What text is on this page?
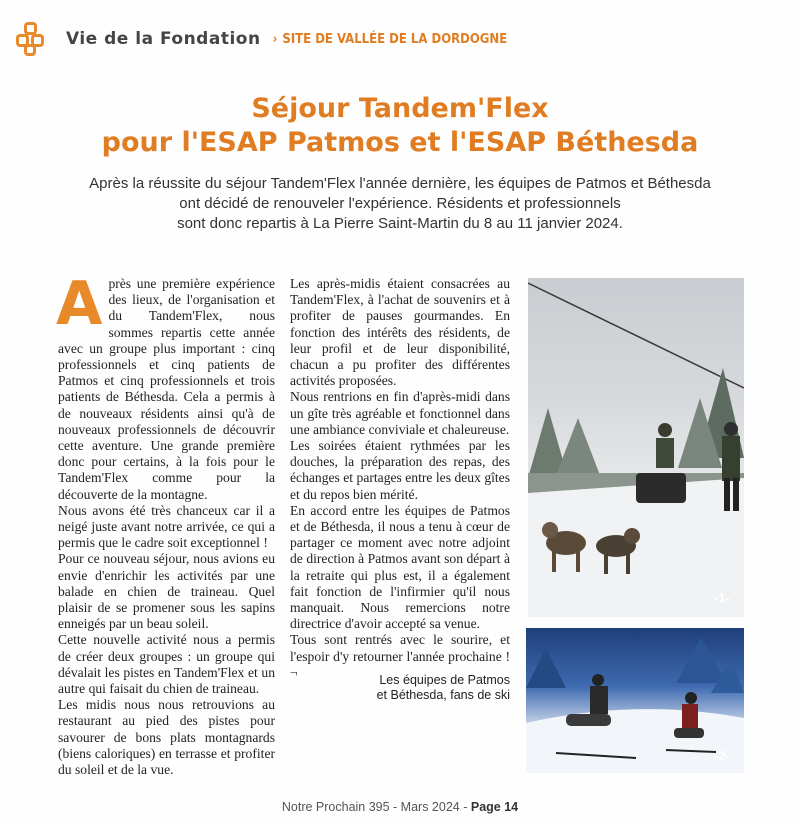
Vie de la Fondation › SITE DE VALLÉE DE LA DORDOGNE
Séjour Tandem'Flex
pour l'ESAP Patmos et l'ESAP Béthesda
Après la réussite du séjour Tandem'Flex l'année dernière, les équipes de Patmos et Béthesda
ont décidé de renouveler l'expérience. Résidents et professionnels
sont donc repartis à La Pierre Saint-Martin du 8 au 11 janvier 2024.

Après une première expérience des lieux, de l'organisation et du Tandem'Flex, nous sommes repartis cette année avec un groupe plus important : cinq professionnels et cinq patients de Patmos et cinq professionnels et trois patients de Béthesda. Cela a permis à de nouveaux résidents ainsi qu'à de nouveaux professionnels de découvrir cette aventure. Une grande première donc pour certains, à la fois pour le Tandem'Flex comme pour la découverte de la montagne.

Nous avons été très chanceux car il a neigé juste avant notre arrivée, ce qui a permis que le cadre soit exceptionnel !

Pour ce nouveau séjour, nous avions eu envie d'enrichir les activités par une balade en chien de traineau. Quel plaisir de se promener sous les sapins enneigés par un beau soleil.

Cette nouvelle activité nous a permis de créer deux groupes : un groupe qui dévalait les pistes en Tandem'Flex et un autre qui faisait du chien de traineau.

Les midis nous nous retrouvions au restaurant au pied des pistes pour savourer de bons plats montagnards (biens caloriques) en terrasse et profiter du soleil et de la vue.

Les après-midis étaient consacrées au Tandem'Flex, à l'achat de souvenirs et à profiter de pauses gourmandes. En fonction des intérêts des résidents, de leur profil et de leur disponibilité, chacun a pu profiter des différentes activités proposées.

Nous rentrions en fin d'après-midi dans un gîte très agréable et fonctionnel dans une ambiance conviviale et chaleureuse.

Les soirées étaient rythmées par les douches, la préparation des repas, des échanges et partages entre les deux gîtes et du repos bien mérité.

En accord entre les équipes de Patmos et de Béthesda, il nous a tenu à cœur de partager ce moment avec notre adjoint de direction à Patmos avant son départ à la retraite qui plus est, il a également fait fonction de l'infirmier qu'il nous manquait. Nous remercions notre directrice d'avoir accepté sa venue.

Tous sont rentrés avec le sourire, et l'espoir d'y retourner l'année prochaine ! ¬

Les équipes de Patmos
et Béthesda, fans de ski
-1-
-2-
Notre Prochain 395 - Mars 2024 - Page 14
